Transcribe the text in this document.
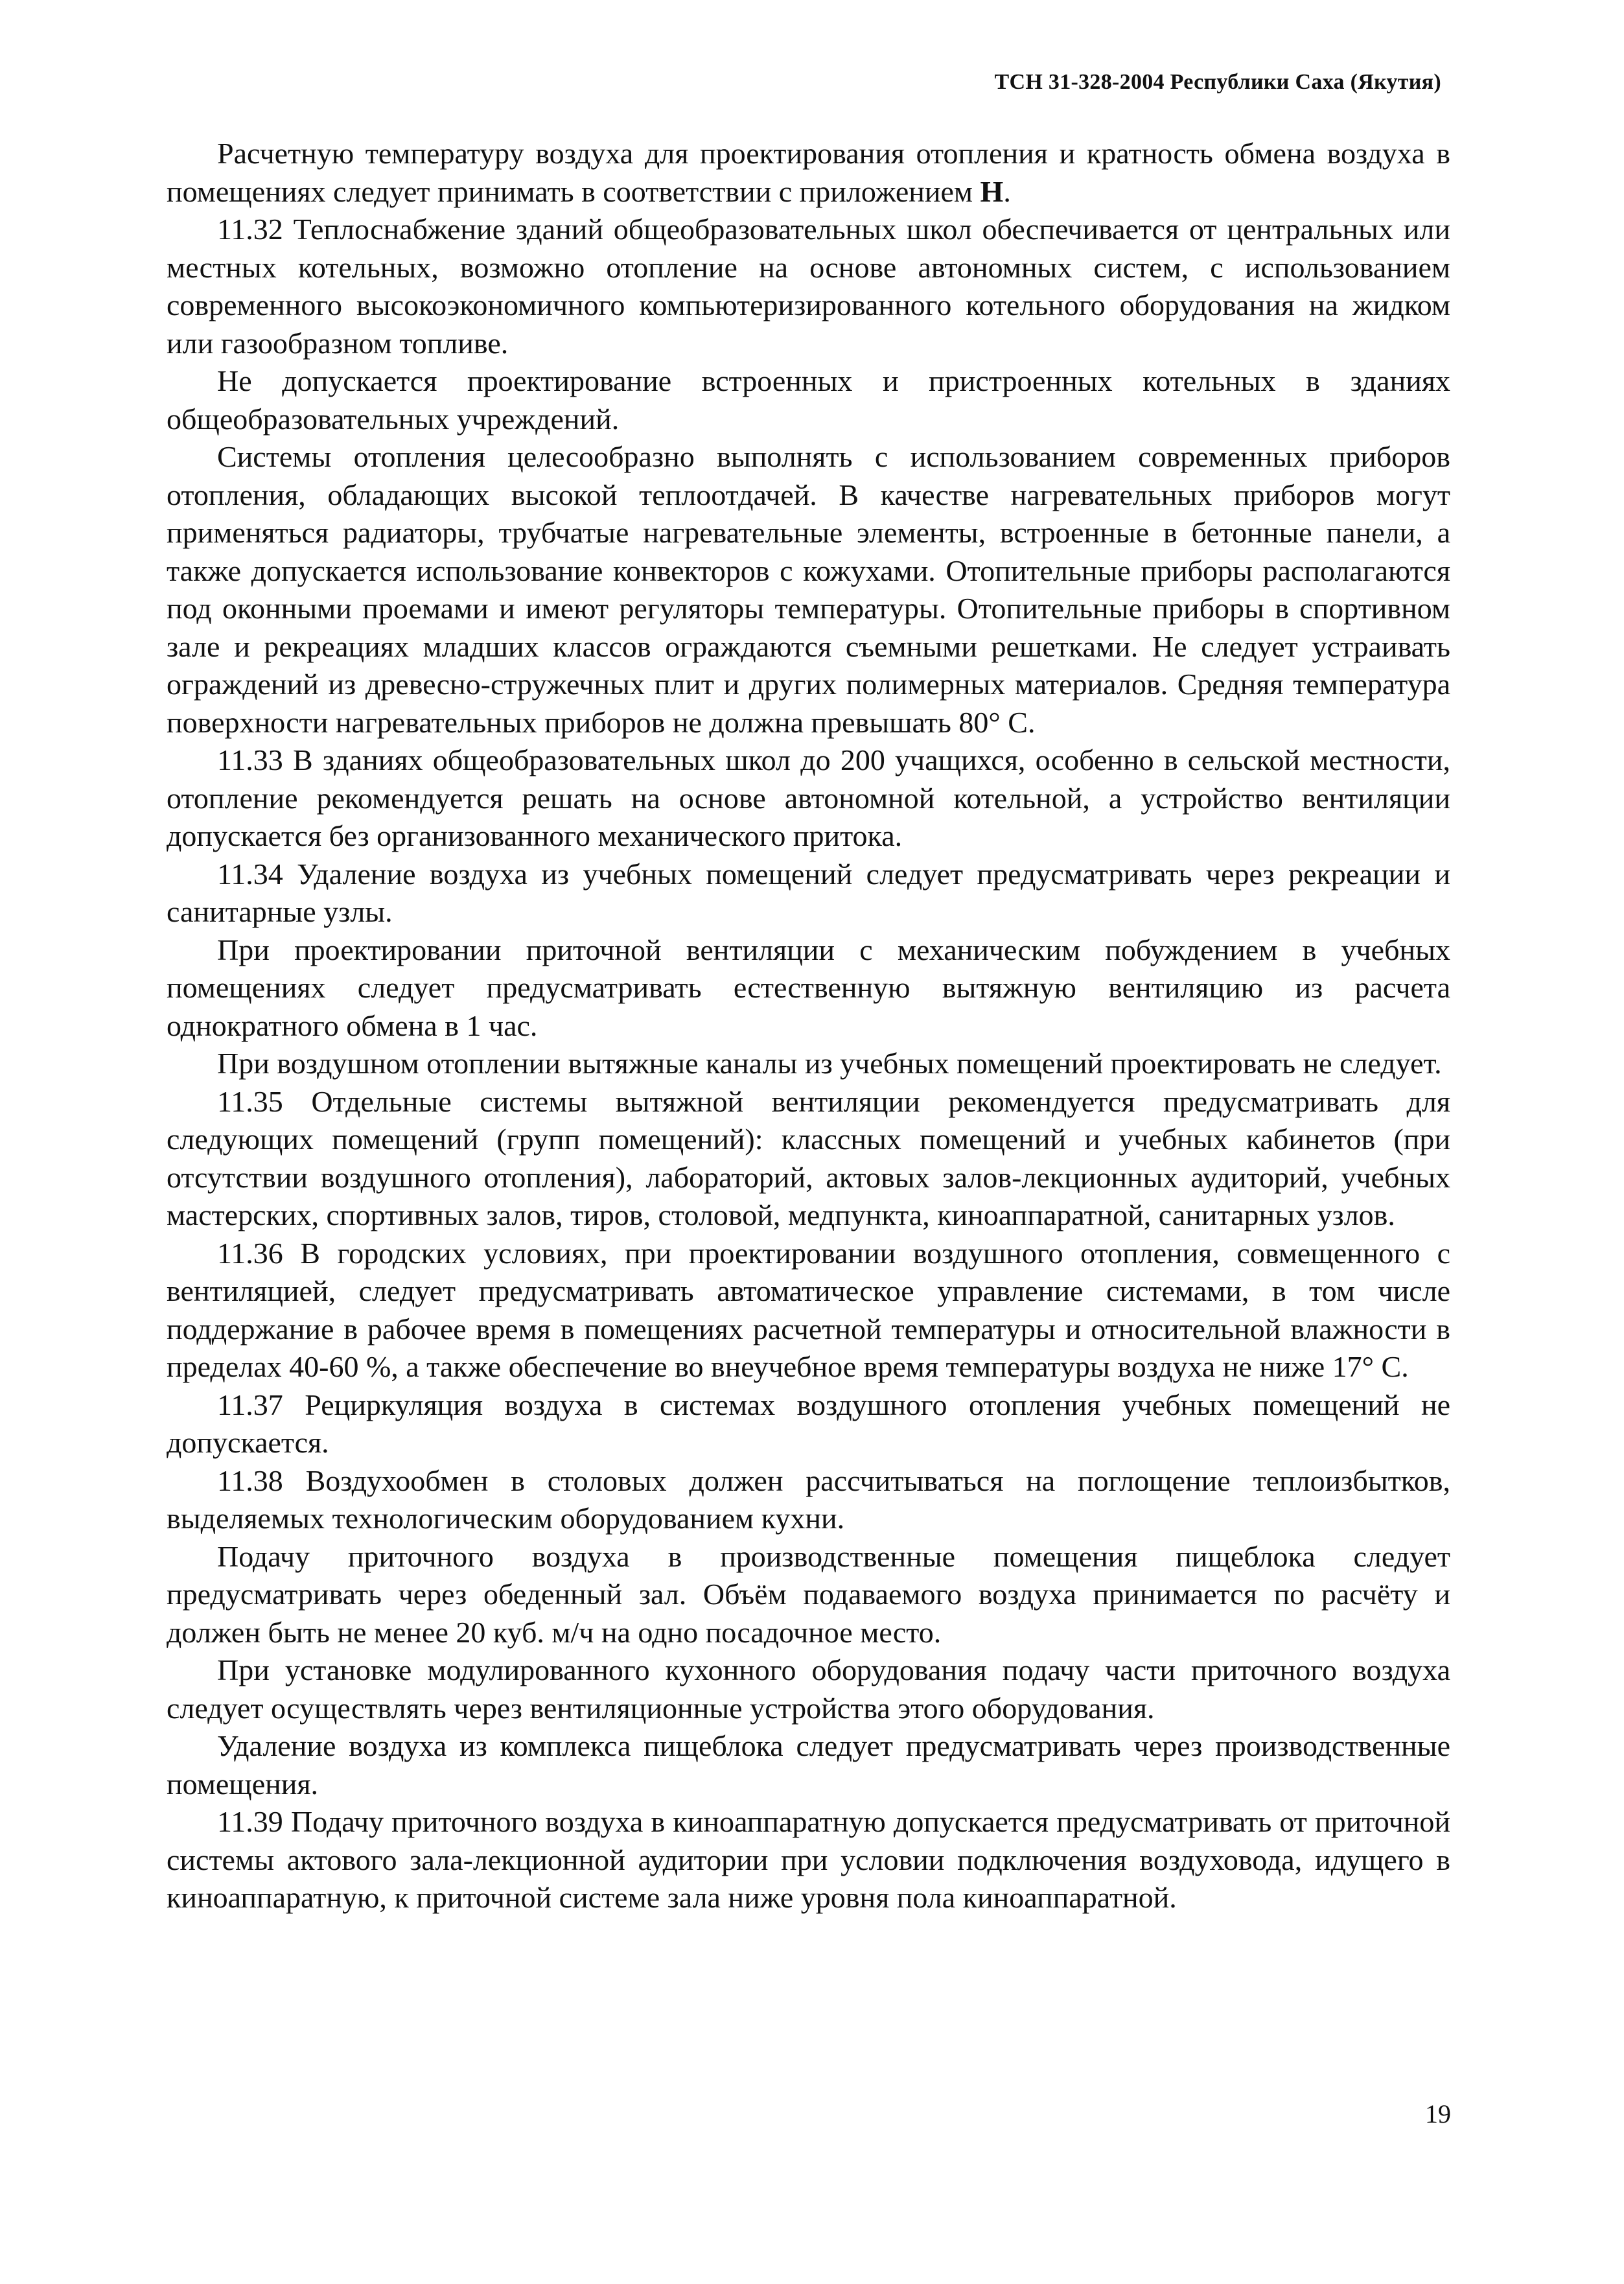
ТСН 31-328-2004 Республики Саха (Якутия)

Расчетную температуру воздуха для проектирования отопления и кратность обмена воздуха в помещениях следует принимать в соответствии с приложением Н.

11.32 Теплоснабжение зданий общеобразовательных школ обеспечивается от центральных или местных котельных, возможно отопление на основе автономных систем, с использованием современного высокоэкономичного компьютеризированного котельного оборудования на жидком или газообразном топливе.

Не допускается проектирование встроенных и пристроенных котельных в зданиях общеобразовательных учреждений.

Системы отопления целесообразно выполнять с использованием современных приборов отопления, обладающих высокой теплоотдачей. В качестве нагревательных приборов могут применяться радиаторы, трубчатые нагревательные элементы, встроенные в бетонные панели, а также допускается использование конвекторов с кожухами. Отопительные приборы располагаются под оконными проемами и имеют регуляторы температуры. Отопительные приборы в спортивном зале и рекреациях младших классов ограждаются съемными решетками. Не следует устраивать ограждений из древесно-стружечных плит и других полимерных материалов. Средняя температура поверхности нагревательных приборов не должна превышать 80° С.

11.33 В зданиях общеобразовательных школ до 200 учащихся, особенно в сельской местности, отопление рекомендуется решать на основе автономной котельной, а устройство вентиляции допускается без организованного механического притока.

11.34 Удаление воздуха из учебных помещений следует предусматривать через рекреации и санитарные узлы.

При проектировании приточной вентиляции с механическим побуждением в учебных помещениях следует предусматривать естественную вытяжную вентиляцию из расчета однократного обмена в 1 час.

При воздушном отоплении вытяжные каналы из учебных помещений проектировать не следует.

11.35 Отдельные системы вытяжной вентиляции рекомендуется предусматривать для следующих помещений (групп помещений): классных помещений и учебных кабинетов (при отсутствии воздушного отопления), лабораторий, актовых залов-лекционных аудиторий, учебных мастерских, спортивных залов, тиров, столовой, медпункта, киноаппаратной, санитарных узлов.

11.36 В городских условиях, при проектировании воздушного отопления, совмещенного с вентиляцией, следует предусматривать автоматическое управление системами, в том числе поддержание в рабочее время в помещениях расчетной температуры и относительной влажности в пределах 40-60 %, а также обеспечение во внеучебное время температуры воздуха не ниже 17° С.

11.37 Рециркуляция воздуха в системах воздушного отопления учебных помещений не допускается.

11.38 Воздухообмен в столовых должен рассчитываться на поглощение теплоизбытков, выделяемых технологическим оборудованием кухни.

Подачу приточного воздуха в производственные помещения пищеблока следует предусматривать через обеденный зал. Объём подаваемого воздуха принимается по расчёту и должен быть не менее 20 куб. м/ч на одно посадочное место.

При установке модулированного кухонного оборудования подачу части приточного воздуха следует осуществлять через вентиляционные устройства этого оборудования.

Удаление воздуха из комплекса пищеблока следует предусматривать через производственные помещения.

11.39 Подачу приточного воздуха в киноаппаратную допускается предусматривать от приточной системы актового зала-лекционной аудитории при условии подключения воздуховода, идущего в киноаппаратную, к приточной системе зала ниже уровня пола киноаппаратной.

19
